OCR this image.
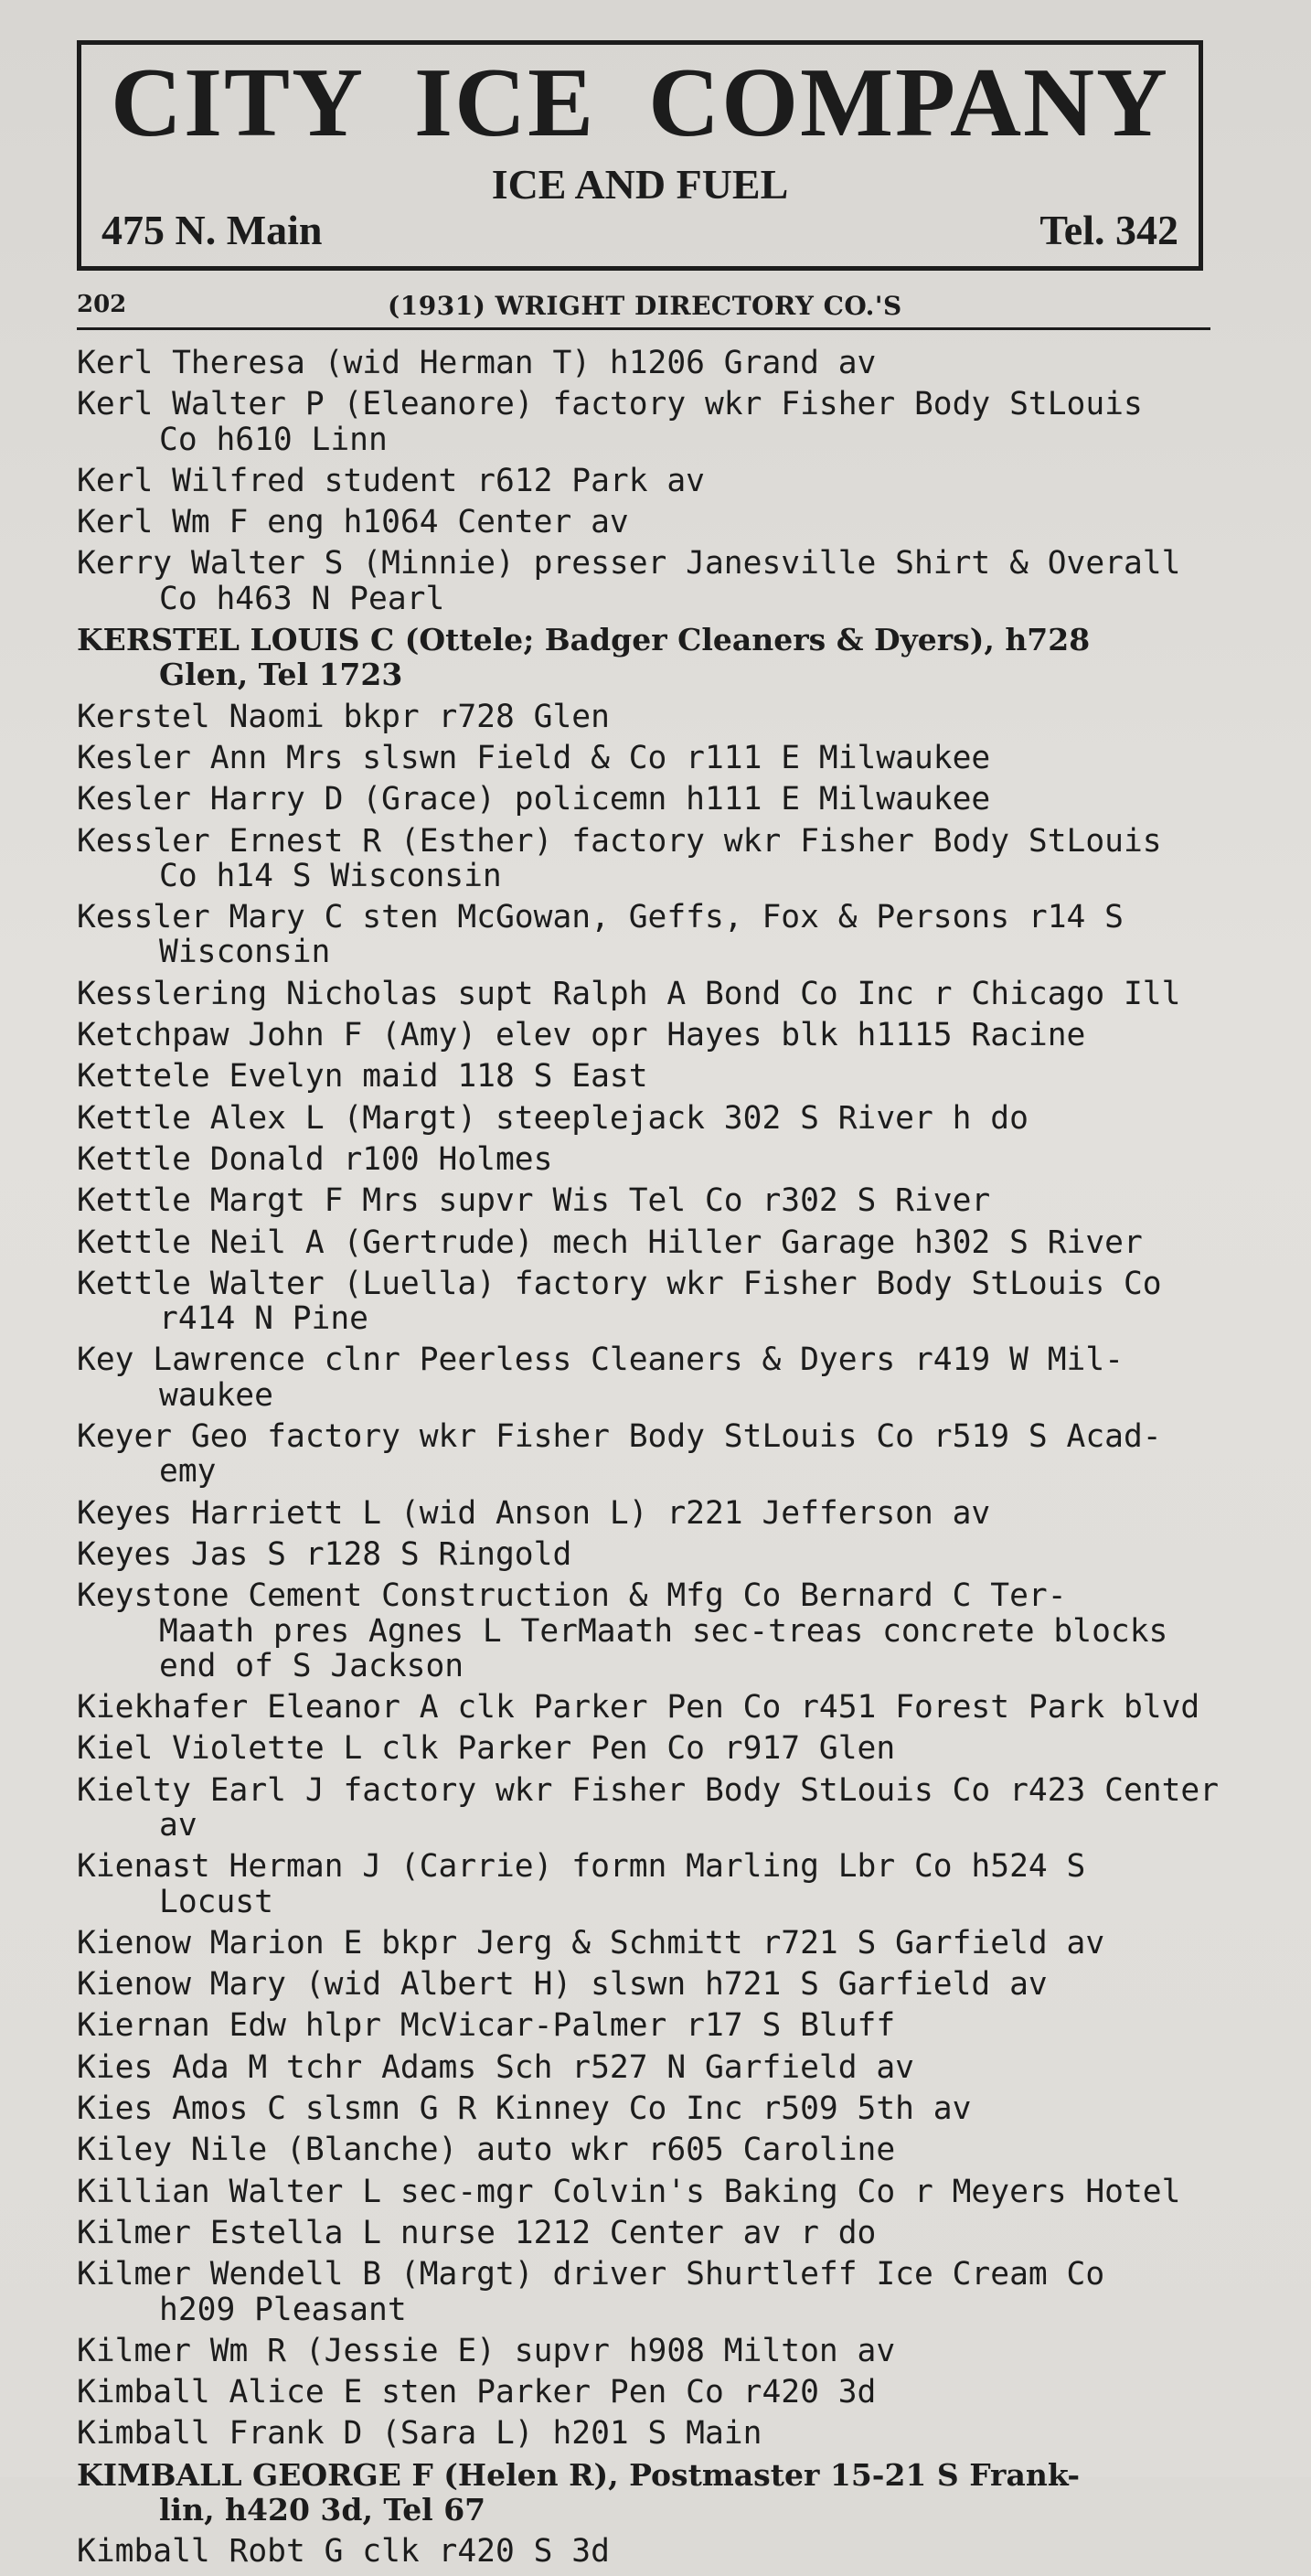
CITY  ICE  COMPANY
ICE AND FUEL
475 N. Main	Tel. 342
202	(1931) WRIGHT DIRECTORY CO.'S
Kerl Theresa (wid Herman T) h1206 Grand av
Kerl Walter P (Eleanore) factory wkr Fisher Body StLouis
Co h610 Linn
Kerl Wilfred student r612 Park av
Kerl Wm F eng h1064 Center av
Kerry Walter S (Minnie) presser Janesville Shirt & Overall
Co h463 N Pearl
KERSTEL LOUIS C (Ottele; Badger Cleaners & Dyers), h728
Glen, Tel 1723
Kerstel Naomi bkpr r728 Glen
Kesler Ann Mrs slswn Field & Co r111 E Milwaukee
Kesler Harry D (Grace) policemn h111 E Milwaukee
Kessler Ernest R (Esther) factory wkr Fisher Body StLouis
Co h14 S Wisconsin
Kessler Mary C sten McGowan, Geffs, Fox & Persons r14 S
Wisconsin
Kesslering Nicholas supt Ralph A Bond Co Inc r Chicago Ill
Ketchpaw John F (Amy) elev opr Hayes blk h1115 Racine
Kettele Evelyn maid 118 S East
Kettle Alex L (Margt) steeplejack 302 S River h do
Kettle Donald r100 Holmes
Kettle Margt F Mrs supvr Wis Tel Co r302 S River
Kettle Neil A (Gertrude) mech Hiller Garage h302 S River
Kettle Walter (Luella) factory wkr Fisher Body StLouis Co
r414 N Pine
Key Lawrence clnr Peerless Cleaners & Dyers r419 W Mil-
waukee
Keyer Geo factory wkr Fisher Body StLouis Co r519 S Acad-
emy
Keyes Harriett L (wid Anson L) r221 Jefferson av
Keyes Jas S r128 S Ringold
Keystone Cement Construction & Mfg Co Bernard C Ter-
Maath pres Agnes L TerMaath sec-treas concrete blocks
end of S Jackson
Kiekhafer Eleanor A clk Parker Pen Co r451 Forest Park blvd
Kiel Violette L clk Parker Pen Co r917 Glen
Kielty Earl J factory wkr Fisher Body StLouis Co r423 Center
av
Kienast Herman J (Carrie) formn Marling Lbr Co h524 S
Locust
Kienow Marion E bkpr Jerg & Schmitt r721 S Garfield av
Kienow Mary (wid Albert H) slswn h721 S Garfield av
Kiernan Edw hlpr McVicar-Palmer r17 S Bluff
Kies Ada M tchr Adams Sch r527 N Garfield av
Kies Amos C slsmn G R Kinney Co Inc r509 5th av
Kiley Nile (Blanche) auto wkr r605 Caroline
Killian Walter L sec-mgr Colvin's Baking Co r Meyers Hotel
Kilmer Estella L nurse 1212 Center av r do
Kilmer Wendell B (Margt) driver Shurtleff Ice Cream Co
h209 Pleasant
Kilmer Wm R (Jessie E) supvr h908 Milton av
Kimball Alice E sten Parker Pen Co r420 3d
Kimball Frank D (Sara L) h201 S Main
KIMBALL GEORGE F (Helen R), Postmaster 15-21 S Frank-
lin, h420 3d, Tel 67
Kimball Robt G clk r420 S 3d
